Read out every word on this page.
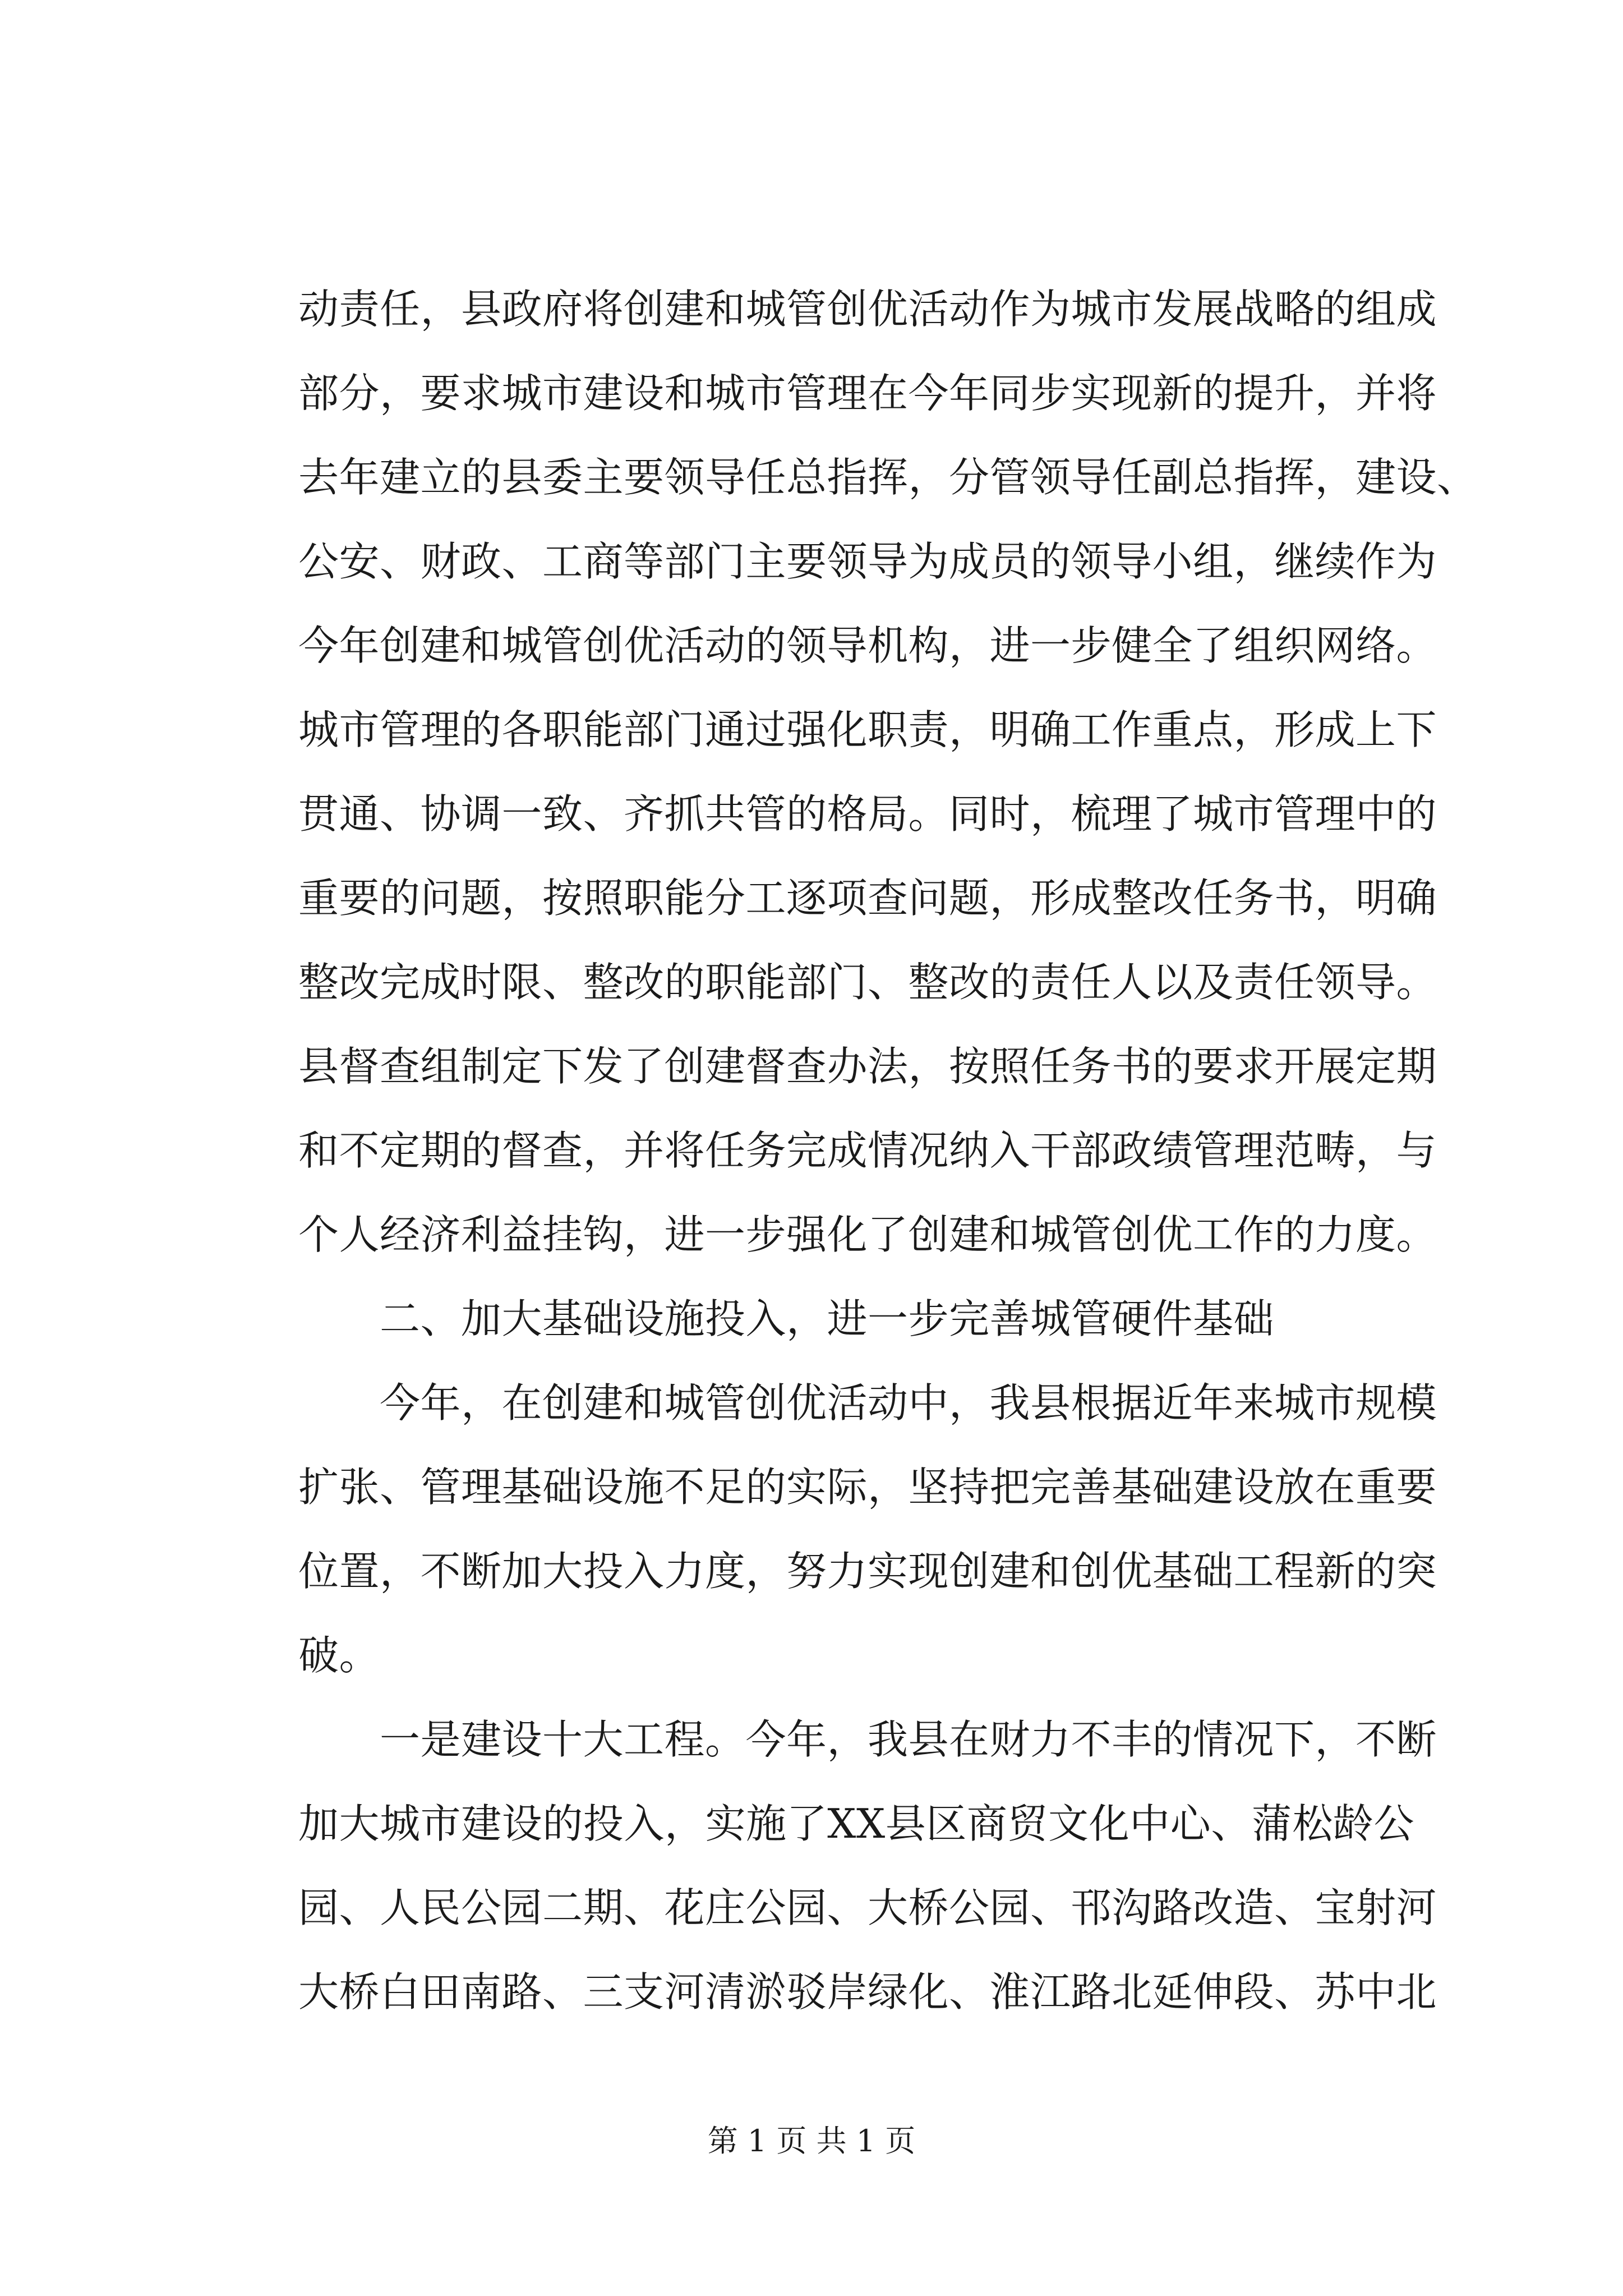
动责任，县政府将创建和城管创优活动作为城市发展战略的组成
部分，要求城市建设和城市管理在今年同步实现新的提升，并将
去年建立的县委主要领导任总指挥，分管领导任副总指挥，建设、
公安、财政、工商等部门主要领导为成员的领导小组，继续作为
今年创建和城管创优活动的领导机构，进一步健全了组织网络。
城市管理的各职能部门通过强化职责，明确工作重点，形成上下
贯通、协调一致、齐抓共管的格局。同时，梳理了城市管理中的
重要的问题，按照职能分工逐项查问题，形成整改任务书，明确
整改完成时限、整改的职能部门、整改的责任人以及责任领导。
县督查组制定下发了创建督查办法，按照任务书的要求开展定期
和不定期的督查，并将任务完成情况纳入干部政绩管理范畴，与
个人经济利益挂钩，进一步强化了创建和城管创优工作的力度。
　　二、加大基础设施投入，进一步完善城管硬件基础
　　今年，在创建和城管创优活动中，我县根据近年来城市规模
扩张、管理基础设施不足的实际，坚持把完善基础建设放在重要
位置，不断加大投入力度，努力实现创建和创优基础工程新的突
破。
　　一是建设十大工程。今年，我县在财力不丰的情况下，不断
加大城市建设的投入，实施了XX县区商贸文化中心、蒲松龄公
园、人民公园二期、花庄公园、大桥公园、邗沟路改造、宝射河
大桥白田南路、三支河清淤驳岸绿化、淮江路北延伸段、苏中北
第 1 页 共 1 页
